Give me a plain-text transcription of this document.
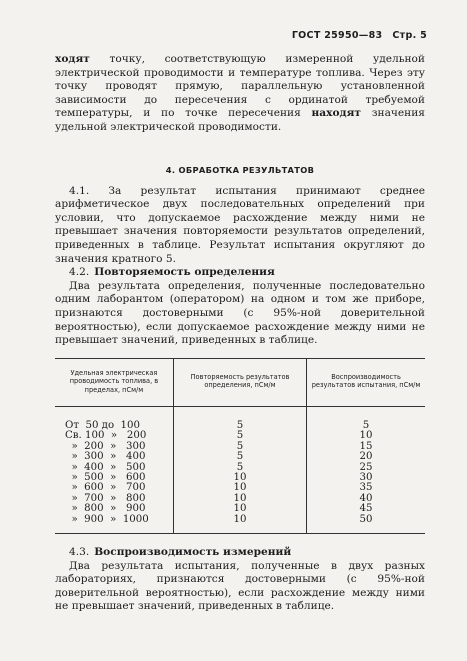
ГОСТ 25950—83 Стр. 5

ходят точку, соответствующую измеренной удельной электрической проводимости и температуре топлива. Через эту точку проводят прямую, параллельную установленной зависимости до пересечения с ординатой требуемой температуры, и по точке пересечения находят значения удельной электрической проводимости.

4. ОБРАБОТКА РЕЗУЛЬТАТОВ

4.1. За результат испытания принимают среднее арифметическое двух последовательных определений при условии, что допускаемое расхождение между ними не превышает значения повторяемости результатов определений, приведенных в таблице. Результат испытания округляют до значения кратного 5.

4.2. Повторяемость определения

Два результата определения, полученные последовательно одним лаборантом (оператором) на одном и том же приборе, признаются достоверными (с 95%-ной доверительной вероятностью), если допускаемое расхождение между ними не превышает значений, приведенных в таблице.

Удельная электрическая проводимость топлива, в пределах, пСм/м	Повторяемость результатов определения, пСм/м	Воспроизводимость результатов испытания, пСм/м
От  50 до  100	5	5
Св. 100  »   200	5	10
»  200  »   300	5	15
»  300  »   400	5	20
»  400  »   500	5	25
»  500  »   600	10	30
»  600  »   700	10	35
»  700  »   800	10	40
»  800  »   900	10	45
»  900  »  1000	10	50

4.3. Воспроизводимость измерений

Два результата испытания, полученные в двух разных лабораториях, признаются достоверными (с 95%-ной доверительной вероятностью), если расхождение между ними не превышает значений, приведенных в таблице.
